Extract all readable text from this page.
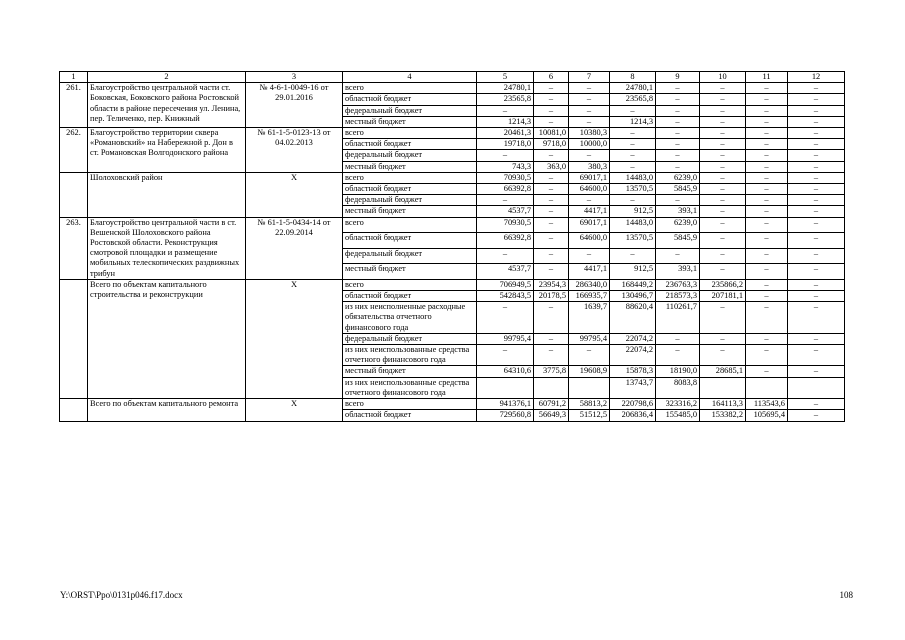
1	2	3	4	5	6	7	8	9	10	11	12
261.	Благоустройство центральной части ст. Боковская, Боковского района Ростовской области в районе пересечения ул. Ленина, пер. Теличенко, пер. Книжный	№ 4-6-1-0049-16 от 29.01.2016	всего	24780,1	–	–	24780,1	–	–	–	–
			областной бюджет	23565,8	–	–	23565,8	–	–	–	–
			федеральный бюджет	–	–	–	–	–	–	–	–
			местный бюджет	1214,3	–	–	1214,3	–	–	–	–
262.	Благоустройство территории сквера «Романовский» на Набережной р. Дон в ст. Романовская Волгодонского района	№ 61-1-5-0123-13 от 04.02.2013	всего	20461,3	10081,0	10380,3	–	–	–	–	–
			областной бюджет	19718,0	9718,0	10000,0	–	–	–	–	–
			федеральный бюджет	–	–	–	–	–	–	–	–
			местный бюджет	743,3	363,0	380,3	–	–	–	–	–
	Шолоховский район	Х	всего	70930,5	–	69017,1	14483,0	6239,0	–	–	–
			областной бюджет	66392,8	–	64600,0	13570,5	5845,9	–	–	–
			федеральный бюджет	–	–	–	–	–	–	–	–
			местный бюджет	4537,7	–	4417,1	912,5	393,1	–	–	–
263.	Благоустройство центральной части в ст. Вешенской Шолоховского района Ростовской области. Реконструкция смотровой площадки и размещение мобильных телескопических раздвижных трибун	№ 61-1-5-0434-14 от 22.09.2014	всего	70930,5	–	69017,1	14483,0	6239,0	–	–	–
			областной бюджет	66392,8	–	64600,0	13570,5	5845,9	–	–	–
			федеральный бюджет	–	–	–	–	–	–	–	–
			местный бюджет	4537,7	–	4417,1	912,5	393,1	–	–	–
	Всего по объектам капитального строительства и реконструкции	Х	всего	706949,5	23954,3	286340,0	168449,2	236763,3	235866,2	–	–
			областной бюджет	542843,5	20178,5	166935,7	130496,7	218573,3	207181,1	–	–
			из них неисполненные расходные обязательства отчетного финансового года	–	–	1639,7	88620,4	110261,7	–	–	–
			федеральный бюджет	99795,4	–	99795,4	22074,2	–	–	–	–
			из них неиспользованные средства отчетного финансового года	–	–	–	22074,2	–	–	–	–
			местный бюджет	64310,6	3775,8	19608,9	15878,3	18190,0	28685,1	–	–
			из них неиспользованные средства отчетного финансового года				13743,7	8083,8			
	Всего по объектам капитального ремонта	Х	всего	941376,1	60791,2	58813,2	220798,6	323316,2	164113,3	113543,6	–
			областной бюджет	729560,8	56649,3	51512,5	206836,4	155485,0	153382,2	105695,4	–
Y:\ORST\Ppo\0131p046.f17.docx	108
